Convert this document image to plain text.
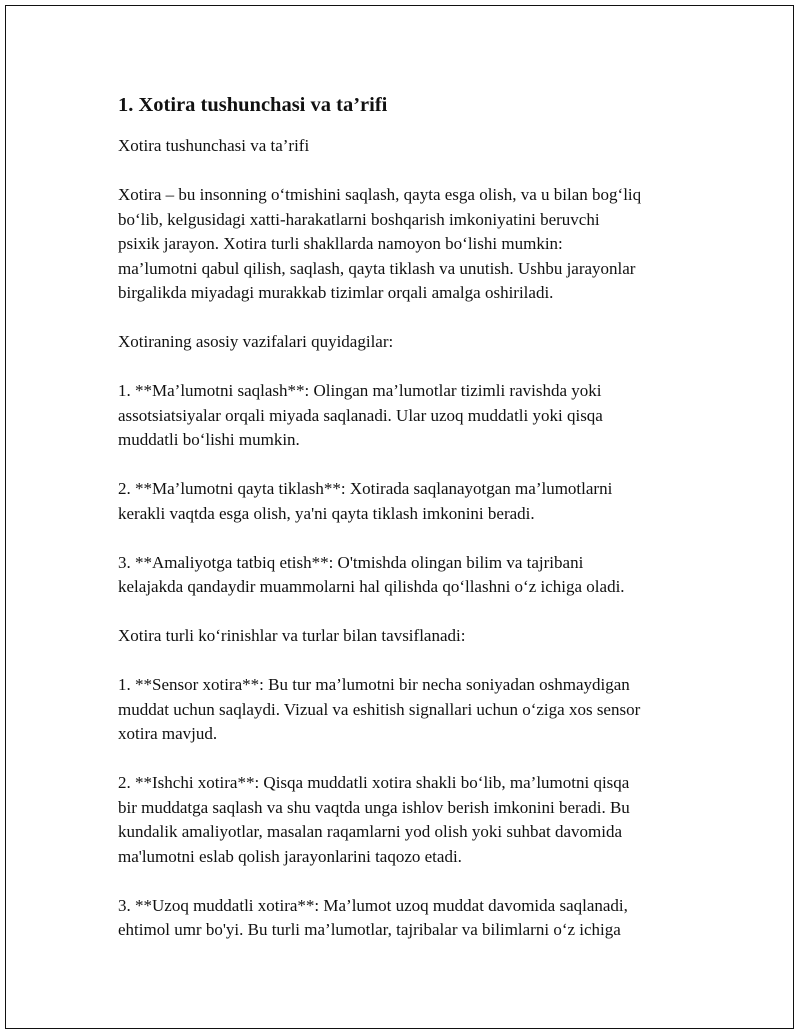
1. Xotira tushunchasi va ta’rifi

Xotira tushunchasi va ta’rifi

Xotira – bu insonning o‘tmishini saqlash, qayta esga olish, va u bilan bog‘liq
bo‘lib, kelgusidagi xatti-harakatlarni boshqarish imkoniyatini beruvchi
psixik jarayon. Xotira turli shakllarda namoyon bo‘lishi mumkin:
ma’lumotni qabul qilish, saqlash, qayta tiklash va unutish. Ushbu jarayonlar
birgalikda miyadagi murakkab tizimlar orqali amalga oshiriladi.

Xotiraning asosiy vazifalari quyidagilar:

1. **Ma’lumotni saqlash**: Olingan ma’lumotlar tizimli ravishda yoki
assotsiatsiyalar orqali miyada saqlanadi. Ular uzoq muddatli yoki qisqa
muddatli bo‘lishi mumkin.

2. **Ma’lumotni qayta tiklash**: Xotirada saqlanayotgan ma’lumotlarni
kerakli vaqtda esga olish, ya'ni qayta tiklash imkonini beradi.

3. **Amaliyotga tatbiq etish**: O'tmishda olingan bilim va tajribani
kelajakda qandaydir muammolarni hal qilishda qo‘llashni o‘z ichiga oladi.

Xotira turli ko‘rinishlar va turlar bilan tavsiflanadi:

1. **Sensor xotira**: Bu tur ma’lumotni bir necha soniyadan oshmaydigan
muddat uchun saqlaydi. Vizual va eshitish signallari uchun o‘ziga xos sensor
xotira mavjud.

2. **Ishchi xotira**: Qisqa muddatli xotira shakli bo‘lib, ma’lumotni qisqa
bir muddatga saqlash va shu vaqtda unga ishlov berish imkonini beradi. Bu
kundalik amaliyotlar, masalan raqamlarni yod olish yoki suhbat davomida
ma'lumotni eslab qolish jarayonlarini taqozo etadi.

3. **Uzoq muddatli xotira**: Ma’lumot uzoq muddat davomida saqlanadi,
ehtimol umr bo'yi. Bu turli ma’lumotlar, tajribalar va bilimlarni o‘z ichiga
